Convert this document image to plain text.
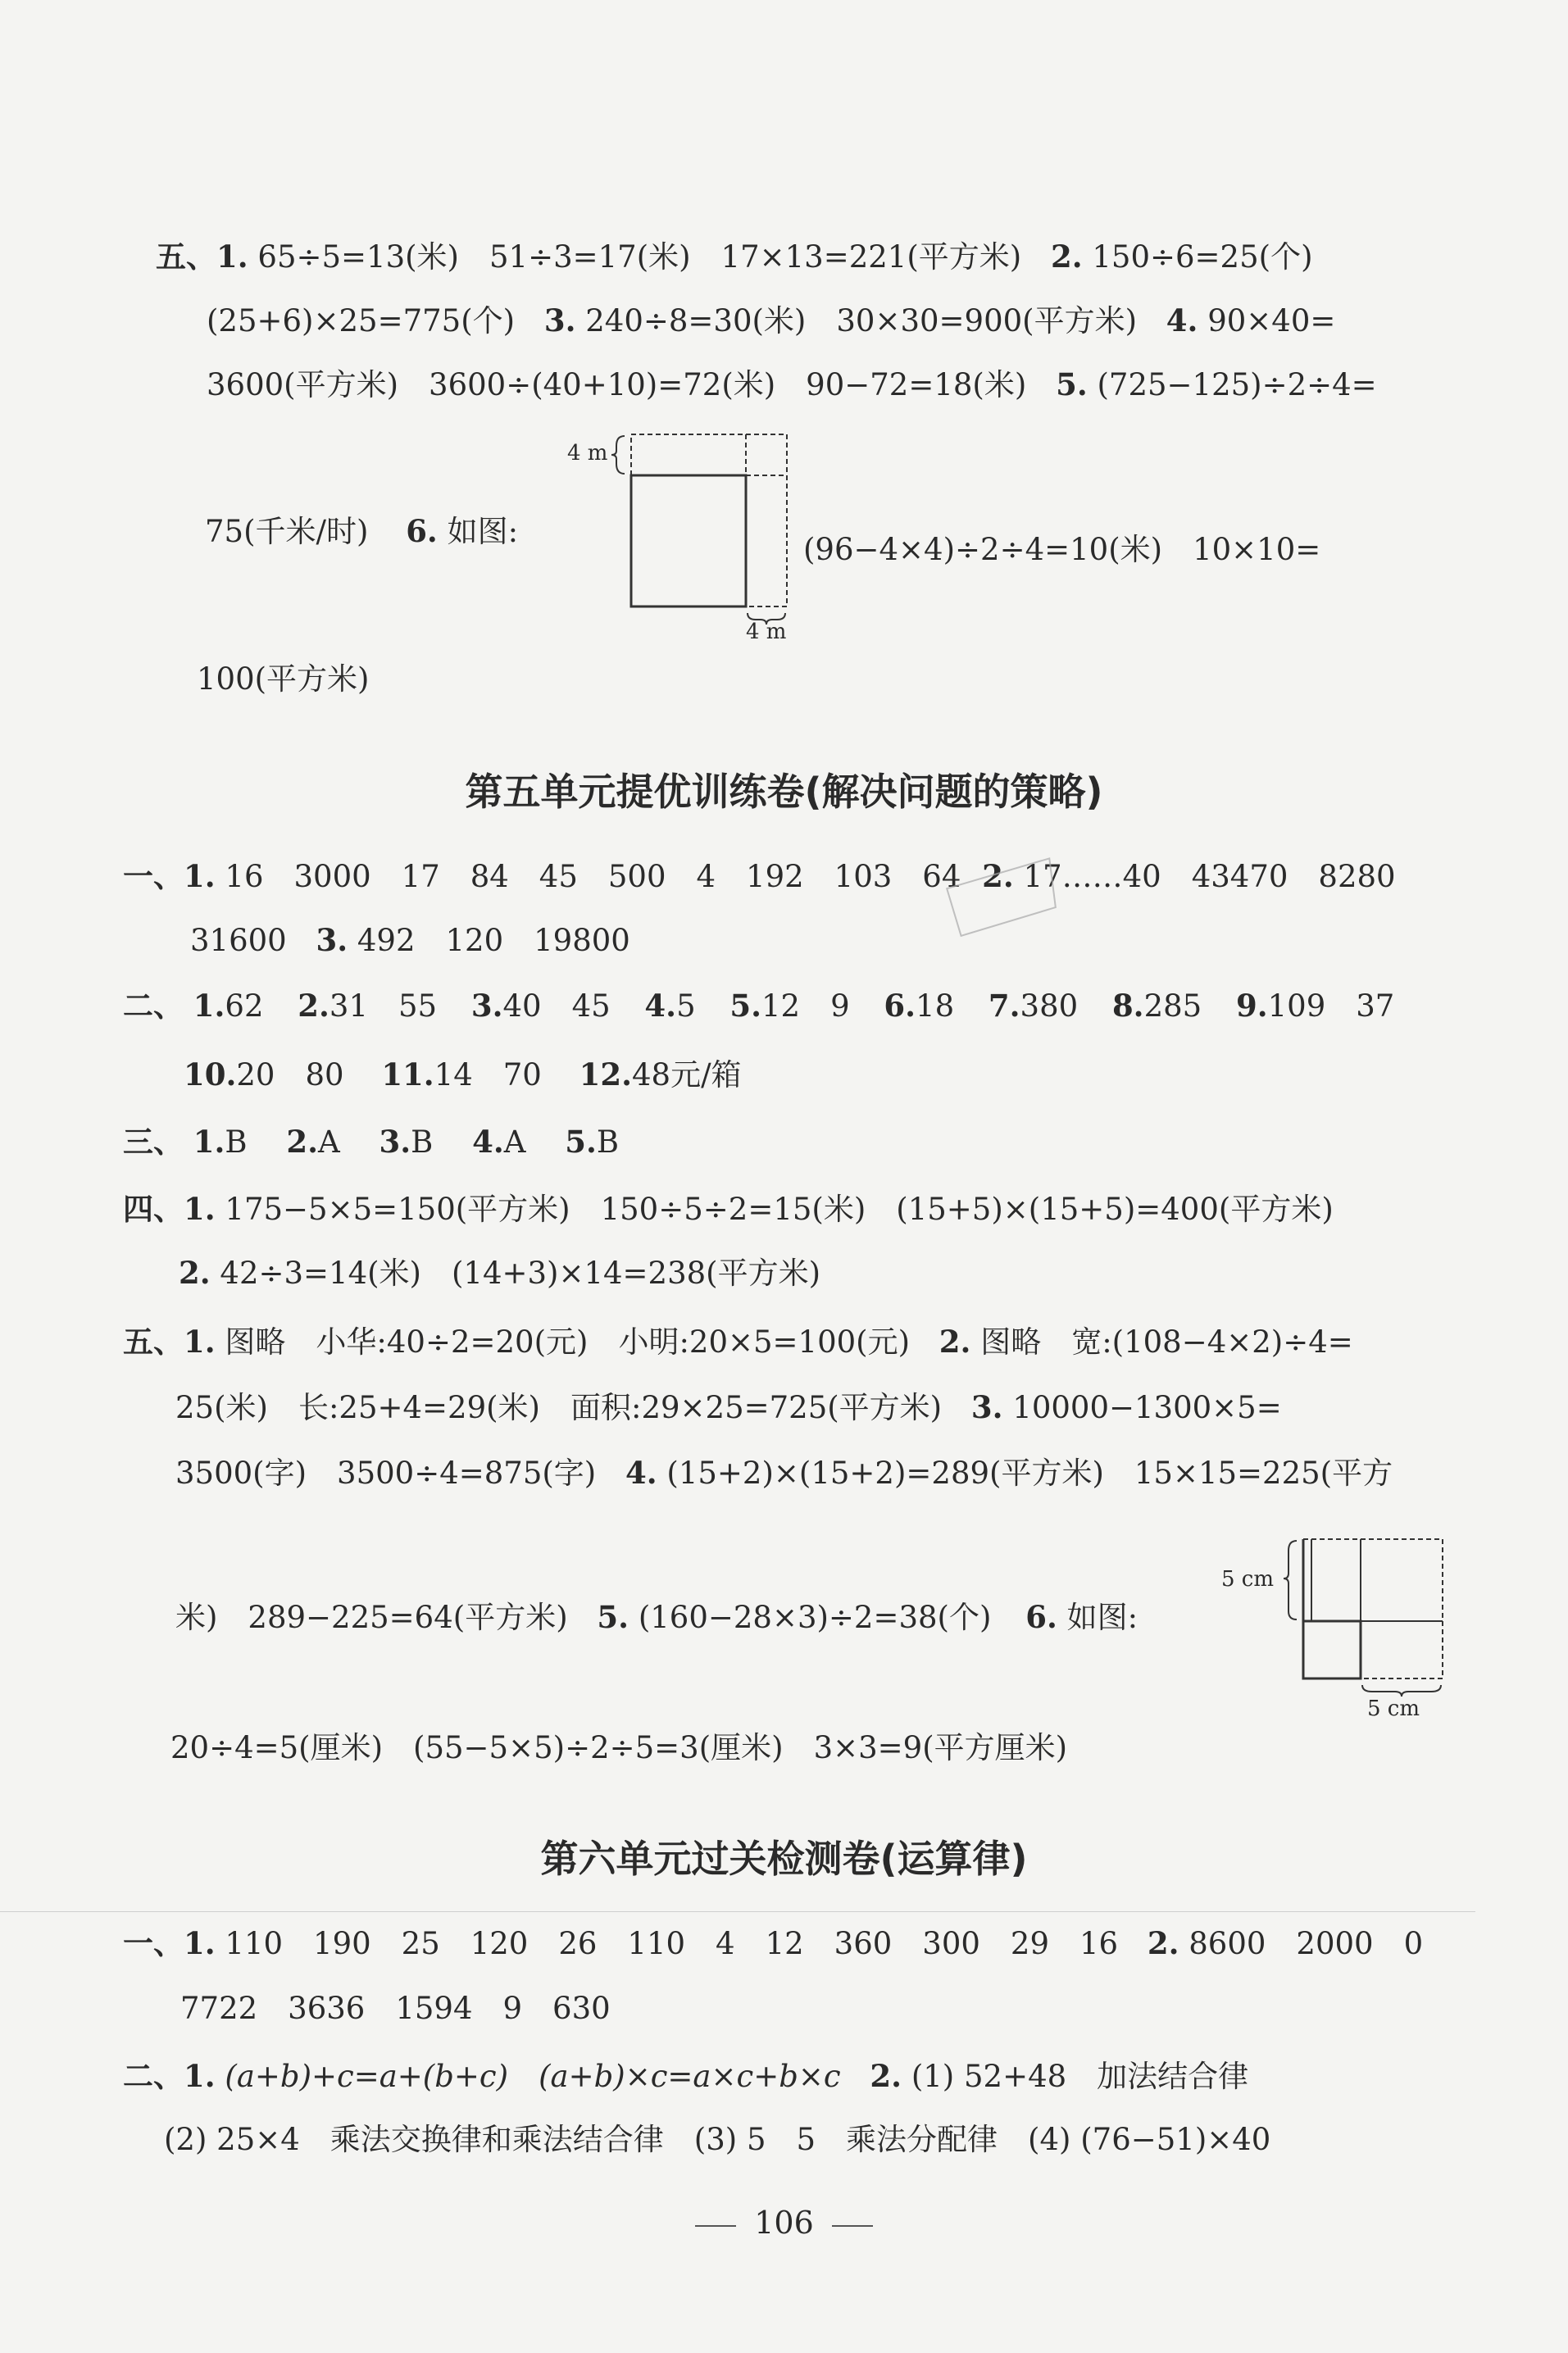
五、1. 65÷5=13(米)　51÷3=17(米)　17×13=221(平方米) 2. 150÷6=25(个)
(25+6)×25=775(个) 3. 240÷8=30(米)　30×30=900(平方米) 4. 90×40=
3600(平方米)　3600÷(40+10)=72(米)　90−72=18(米) 5. (725−125)÷2÷4=
4 m
4 m
75(千米/时) 6. 如图:
(96−4×4)÷2÷4=10(米)　10×10=
100(平方米)
第五单元提优训练卷(解决问题的策略)
一、1. 16　3000　17　84　45　500　4　192　103　64 2. 17……40　43470　8280
31600 3. 492　120　19800
二、 1.62 2.31　55 3.40　45 4.5 5.12　9 6.18 7.380 8.285 9.109　37
10.20　80 11.14　70 12.48元/箱
三、 1.B 2.A 3.B 4.A 5.B
四、1. 175−5×5=150(平方米)　150÷5÷2=15(米)　(15+5)×(15+5)=400(平方米)
2. 42÷3=14(米)　(14+3)×14=238(平方米)
五、1. 图略　小华:40÷2=20(元)　小明:20×5=100(元) 2. 图略　宽:(108−4×2)÷4=
25(米)　长:25+4=29(米)　面积:29×25=725(平方米) 3. 10000−1300×5=
3500(字)　3500÷4=875(字) 4. (15+2)×(15+2)=289(平方米)　15×15=225(平方
5 cm
5 cm
米)　289−225=64(平方米) 5. (160−28×3)÷2=38(个) 6. 如图:
20÷4=5(厘米)　(55−5×5)÷2÷5=3(厘米)　3×3=9(平方厘米)
第六单元过关检测卷(运算律)
一、1. 110　190　25　120　26　110　4　12　360　300　29　16 2. 8600　2000　0
7722　3636　1594　9　630
二、1. (a+b)+c=a+(b+c)　(a+b)×c=a×c+b×c 2. (1) 52+48　加法结合律
(2) 25×4　乘法交换律和乘法结合律　(3) 5　5　乘法分配律　(4) (76−51)×40
106
